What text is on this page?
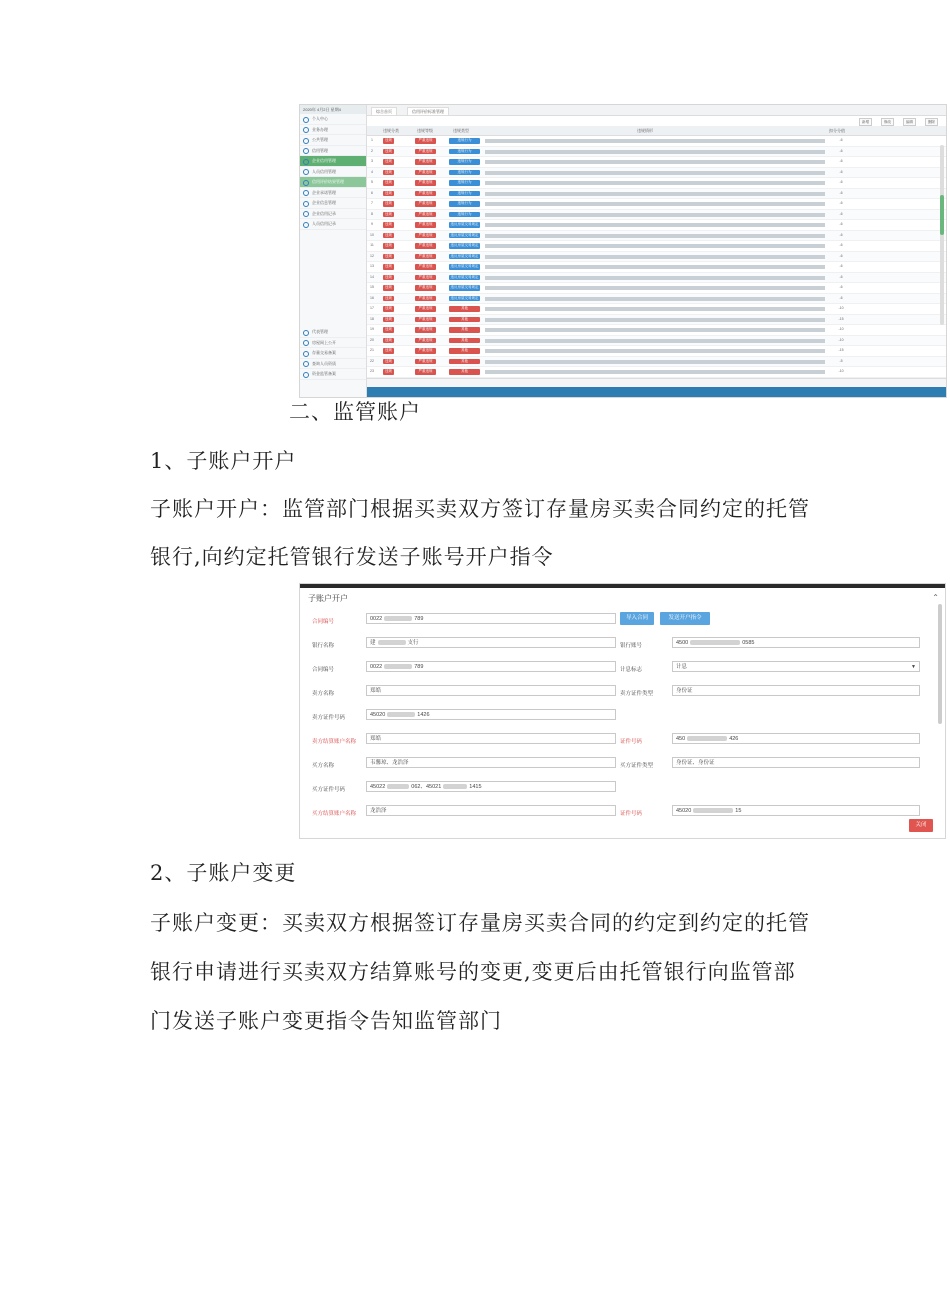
2020年 4月2日 星期4
个人中心
业务办理
公共管理
信用管理
企业信用管理
人员信用管理
信用评价结果管理
企业承诺管理
企业信息管理
企业信用记录
人员信用记录
代表管理
房屋网上公开
存量交易备案
查询人员资质
资金监管备案
综合首页	信用评价标准管理
新增	修改	编辑	删除
违规分类	违规等级	违规类型	违规情形	扣分分值
1	违规	严重违规	违规行为	-6
2	违规	严重违规	违规行为	-6
3	违规	严重违规	违规行为	-6
4	违规	严重违规	违规行为	-6
5	违规	严重违规	违规行为	-6
6	违规	严重违规	违规行为	-6
7	违规	严重违规	违规行为	-6
8	违规	严重违规	违规行为	-6
9	违规	严重违规	违反房屋交易规定	-6
10	违规	严重违规	违反房屋交易规定	-6
11	违规	严重违规	违反房屋交易规定	-6
12	违规	严重违规	违反房屋交易规定	-6
13	违规	严重违规	违反房屋交易规定	-6
14	违规	严重违规	违反房屋交易规定	-6
15	违规	严重违规	违反房屋交易规定	-6
16	违规	严重违规	违反房屋交易规定	-6
17	违规	严重违规	其他	-10
18	违规	严重违规	其他	-15
19	违规	严重违规	其他	-10
20	违规	严重违规	其他	-10
21	违规	严重违规	其他	-15
22	违规	严重违规	其他	-5
23	违规	严重违规	其他	-10
二、监管账户
1、子账户开户
子账户开户：监管部门根据买卖双方签订存量房买卖合同约定的托管
银行,向约定托管银行发送子账号开户指令
子账户开户	⌃
合同编号	0022	789	导入合同	发送开户指令
银行名称	建	支行	银行账号	4500	0585
合同编号	0022	789	计息标志	计息	▼
卖方名称	郑皓	卖方证件类型	身份证
卖方证件号码	45020	1426
卖方结算账户名称	郑皓	证件号码	450	426
买方名称	韦馨琼、龙浩泽	买方证件类型	身份证、身份证
买方证件号码	45022	062、45021	1415
买方结算账户名称	龙浩泽	证件号码	45020	15
关闭
2、子账户变更
子账户变更：买卖双方根据签订存量房买卖合同的约定到约定的托管
银行申请进行买卖双方结算账号的变更,变更后由托管银行向监管部
门发送子账户变更指令告知监管部门
